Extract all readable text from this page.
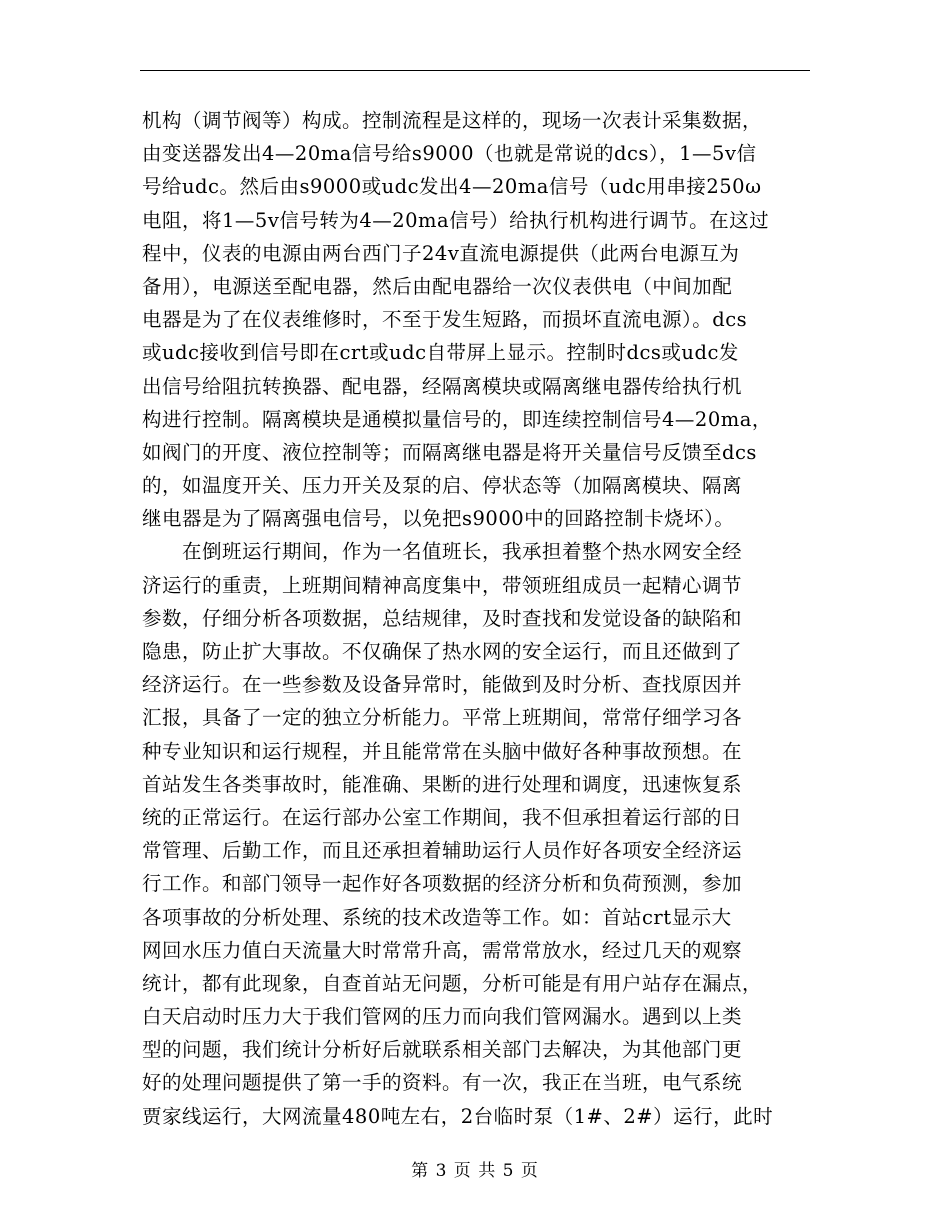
机构（调节阀等）构成。控制流程是这样的，现场一次表计采集数据，
由变送器发出4—20ma信号给s9000（也就是常说的dcs），1—5v信
号给udc。然后由s9000或udc发出4—20ma信号（udc用串接250ω
电阻，将1—5v信号转为4—20ma信号）给执行机构进行调节。在这过
程中，仪表的电源由两台西门子24v直流电源提供（此两台电源互为
备用），电源送至配电器，然后由配电器给一次仪表供电（中间加配
电器是为了在仪表维修时，不至于发生短路，而损坏直流电源）。dcs
或udc接收到信号即在crt或udc自带屏上显示。控制时dcs或udc发
出信号给阻抗转换器、配电器，经隔离模块或隔离继电器传给执行机
构进行控制。隔离模块是通模拟量信号的，即连续控制信号4—20ma，
如阀门的开度、液位控制等；而隔离继电器是将开关量信号反馈至dcs
的，如温度开关、压力开关及泵的启、停状态等（加隔离模块、隔离
继电器是为了隔离强电信号，以免把s9000中的回路控制卡烧坏）。
　　在倒班运行期间，作为一名值班长，我承担着整个热水网安全经
济运行的重责，上班期间精神高度集中，带领班组成员一起精心调节
参数，仔细分析各项数据，总结规律，及时查找和发觉设备的缺陷和
隐患，防止扩大事故。不仅确保了热水网的安全运行，而且还做到了
经济运行。在一些参数及设备异常时，能做到及时分析、查找原因并
汇报，具备了一定的独立分析能力。平常上班期间，常常仔细学习各
种专业知识和运行规程，并且能常常在头脑中做好各种事故预想。在
首站发生各类事故时，能准确、果断的进行处理和调度，迅速恢复系
统的正常运行。在运行部办公室工作期间，我不但承担着运行部的日
常管理、后勤工作，而且还承担着辅助运行人员作好各项安全经济运
行工作。和部门领导一起作好各项数据的经济分析和负荷预测，参加
各项事故的分析处理、系统的技术改造等工作。如：首站crt显示大
网回水压力值白天流量大时常常升高，需常常放水，经过几天的观察
统计，都有此现象，自查首站无问题，分析可能是有用户站存在漏点，
白天启动时压力大于我们管网的压力而向我们管网漏水。遇到以上类
型的问题，我们统计分析好后就联系相关部门去解决，为其他部门更
好的处理问题提供了第一手的资料。有一次，我正在当班，电气系统
贾家线运行，大网流量480吨左右，2台临时泵（1#、2#）运行，此时
第 3 页 共 5 页
